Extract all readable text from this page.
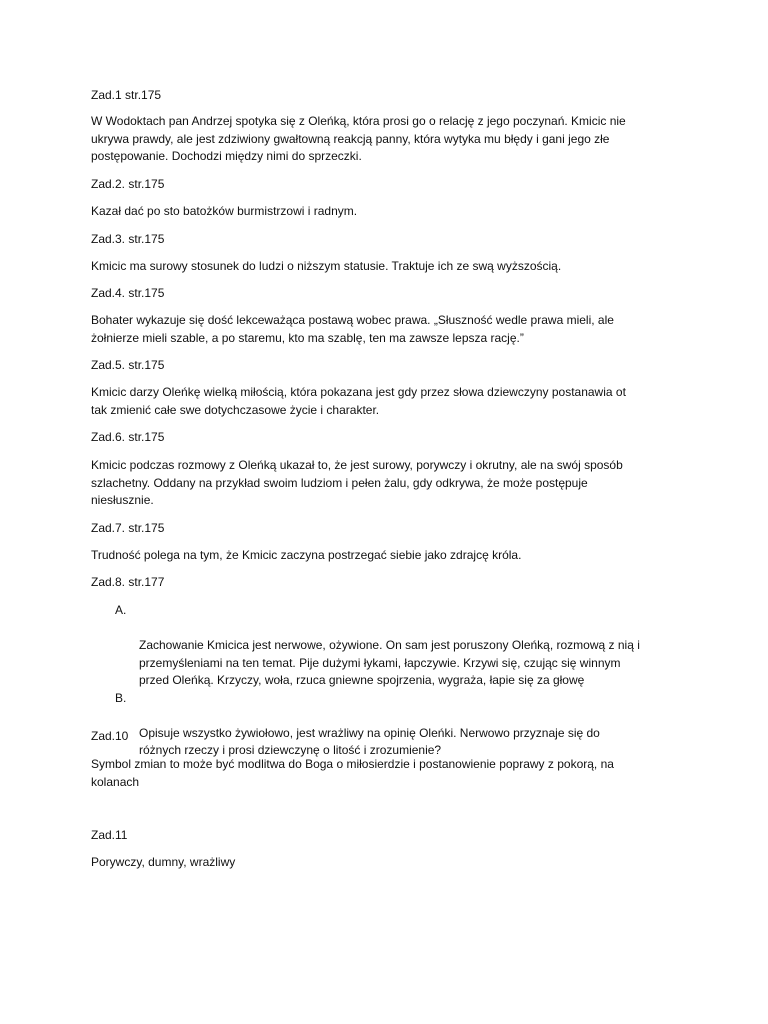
Zad.1 str.175

W Wodoktach pan Andrzej spotyka się z Oleńką, która prosi go o relację z jego poczynań. Kmicic nie
ukrywa prawdy, ale jest zdziwiony gwałtowną reakcją panny, która wytyka mu błędy i gani jego złe
postępowanie. Dochodzi między nimi do sprzeczki.

Zad.2. str.175

Kazał dać po sto batożków burmistrzowi i radnym.

Zad.3. str.175

Kmicic ma surowy stosunek do ludzi o niższym statusie. Traktuje ich ze swą wyższością.

Zad.4. str.175

Bohater wykazuje się dość lekceważąca postawą wobec prawa. „Słuszność wedle prawa mieli, ale
żołnierze mieli szable, a po staremu, kto ma szablę, ten ma zawsze lepsza rację.”

Zad.5. str.175

Kmicic darzy Oleńkę wielką miłością, która pokazana jest gdy przez słowa dziewczyny postanawia ot
tak zmienić całe swe dotychczasowe życie i charakter.

Zad.6. str.175

Kmicic podczas rozmowy z Oleńką ukazał to, że jest surowy, porywczy i okrutny, ale na swój sposób
szlachetny. Oddany na przykład swoim ludziom i pełen żalu, gdy odkrywa, że może postępuje
niesłusznie.

Zad.7. str.175

Trudność polega na tym, że Kmicic zaczyna postrzegać siebie jako zdrajcę króla.

Zad.8. str.177

A.

Zachowanie Kmicica jest nerwowe, ożywione. On sam jest poruszony Oleńką, rozmową z nią i
przemyśleniami na ten temat. Pije dużymi łykami, łapczywie. Krzywi się, czując się winnym
przed Oleńką. Krzyczy, woła, rzuca gniewne spojrzenia, wygraża, łapie się za głowę

B.

Opisuje wszystko żywiołowo, jest wrażliwy na opinię Oleńki. Nerwowo przyznaje się do
różnych rzeczy i prosi dziewczynę o litość i zrozumienie?

Zad.10

Symbol zmian to może być modlitwa do Boga o miłosierdzie i postanowienie poprawy z pokorą, na
kolanach

Zad.11

Porywczy, dumny, wrażliwy
